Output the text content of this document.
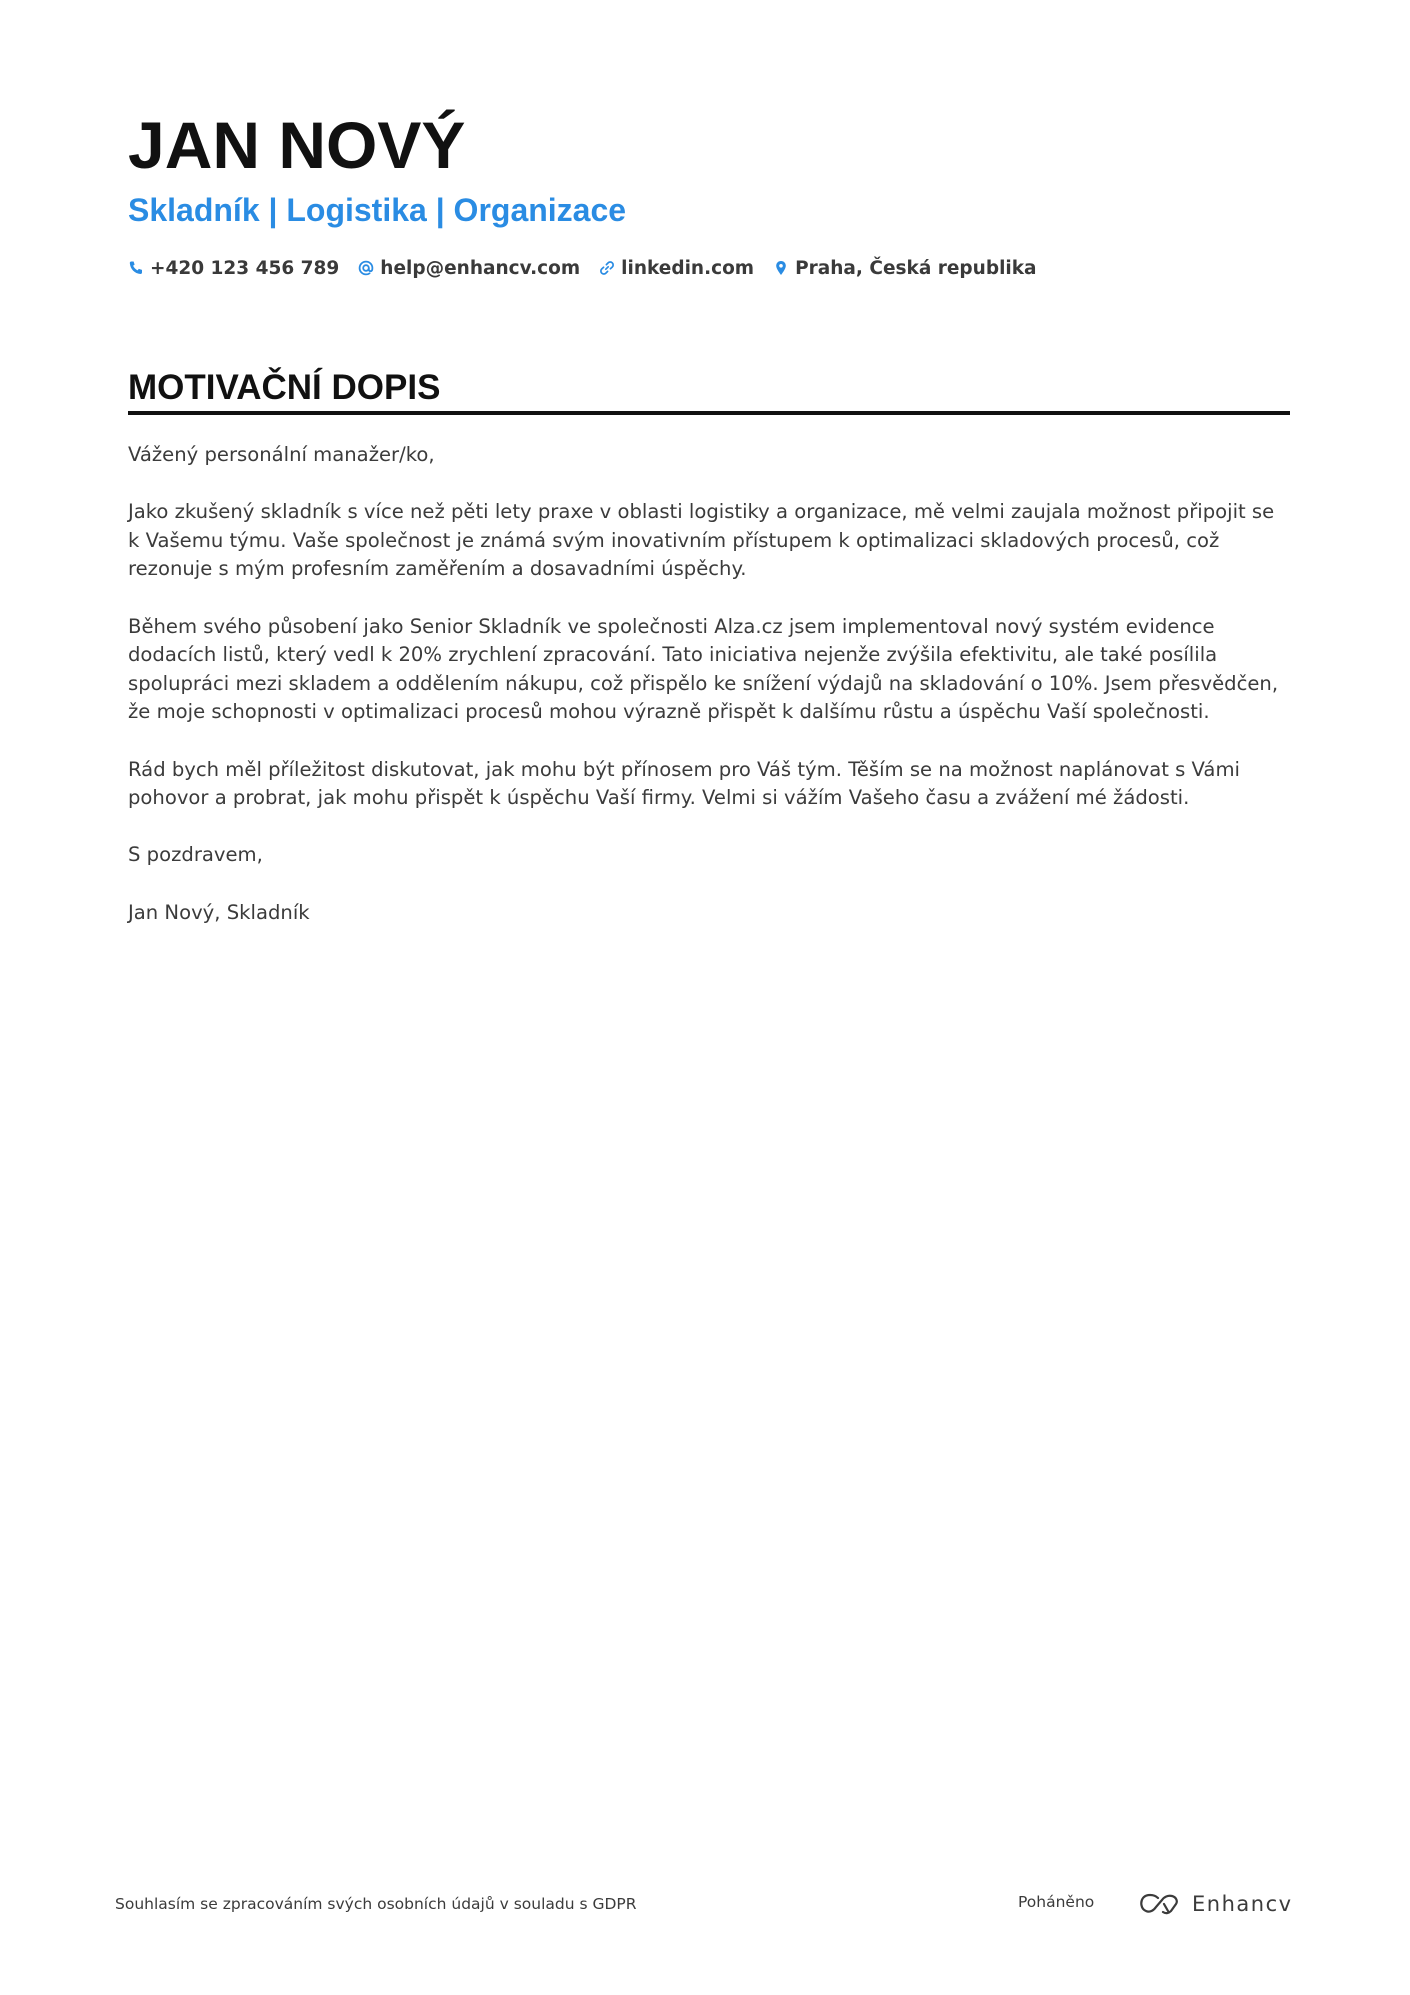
JAN NOVÝ
Skladník | Logistika | Organizace
+420 123 456 789 help@enhancv.com linkedin.com Praha, Česká republika
MOTIVAČNÍ DOPIS

Vážený personální manažer/ko,

Jako zkušený skladník s více než pěti lety praxe v oblasti logistiky a organizace, mě velmi zaujala možnost připojit se k Vašemu týmu. Vaše společnost je známá svým inovativním přístupem k optimalizaci skladových procesů, což rezonuje s mým profesním zaměřením a dosavadními úspěchy.

Během svého působení jako Senior Skladník ve společnosti Alza.cz jsem implementoval nový systém evidence dodacích listů, který vedl k 20% zrychlení zpracování. Tato iniciativa nejenže zvýšila efektivitu, ale také posílila spolupráci mezi skladem a oddělením nákupu, což přispělo ke snížení výdajů na skladování o 10%. Jsem přesvědčen, že moje schopnosti v optimalizaci procesů mohou výrazně přispět k dalšímu růstu a úspěchu Vaší společnosti.

Rád bych měl příležitost diskutovat, jak mohu být přínosem pro Váš tým. Těším se na možnost naplánovat s Vámi pohovor a probrat, jak mohu přispět k úspěchu Vaší firmy. Velmi si vážím Vašeho času a zvážení mé žádosti.

S pozdravem,

Jan Nový, Skladník

Souhlasím se zpracováním svých osobních údajů v souladu s GDPR	Poháněno	Enhancv
